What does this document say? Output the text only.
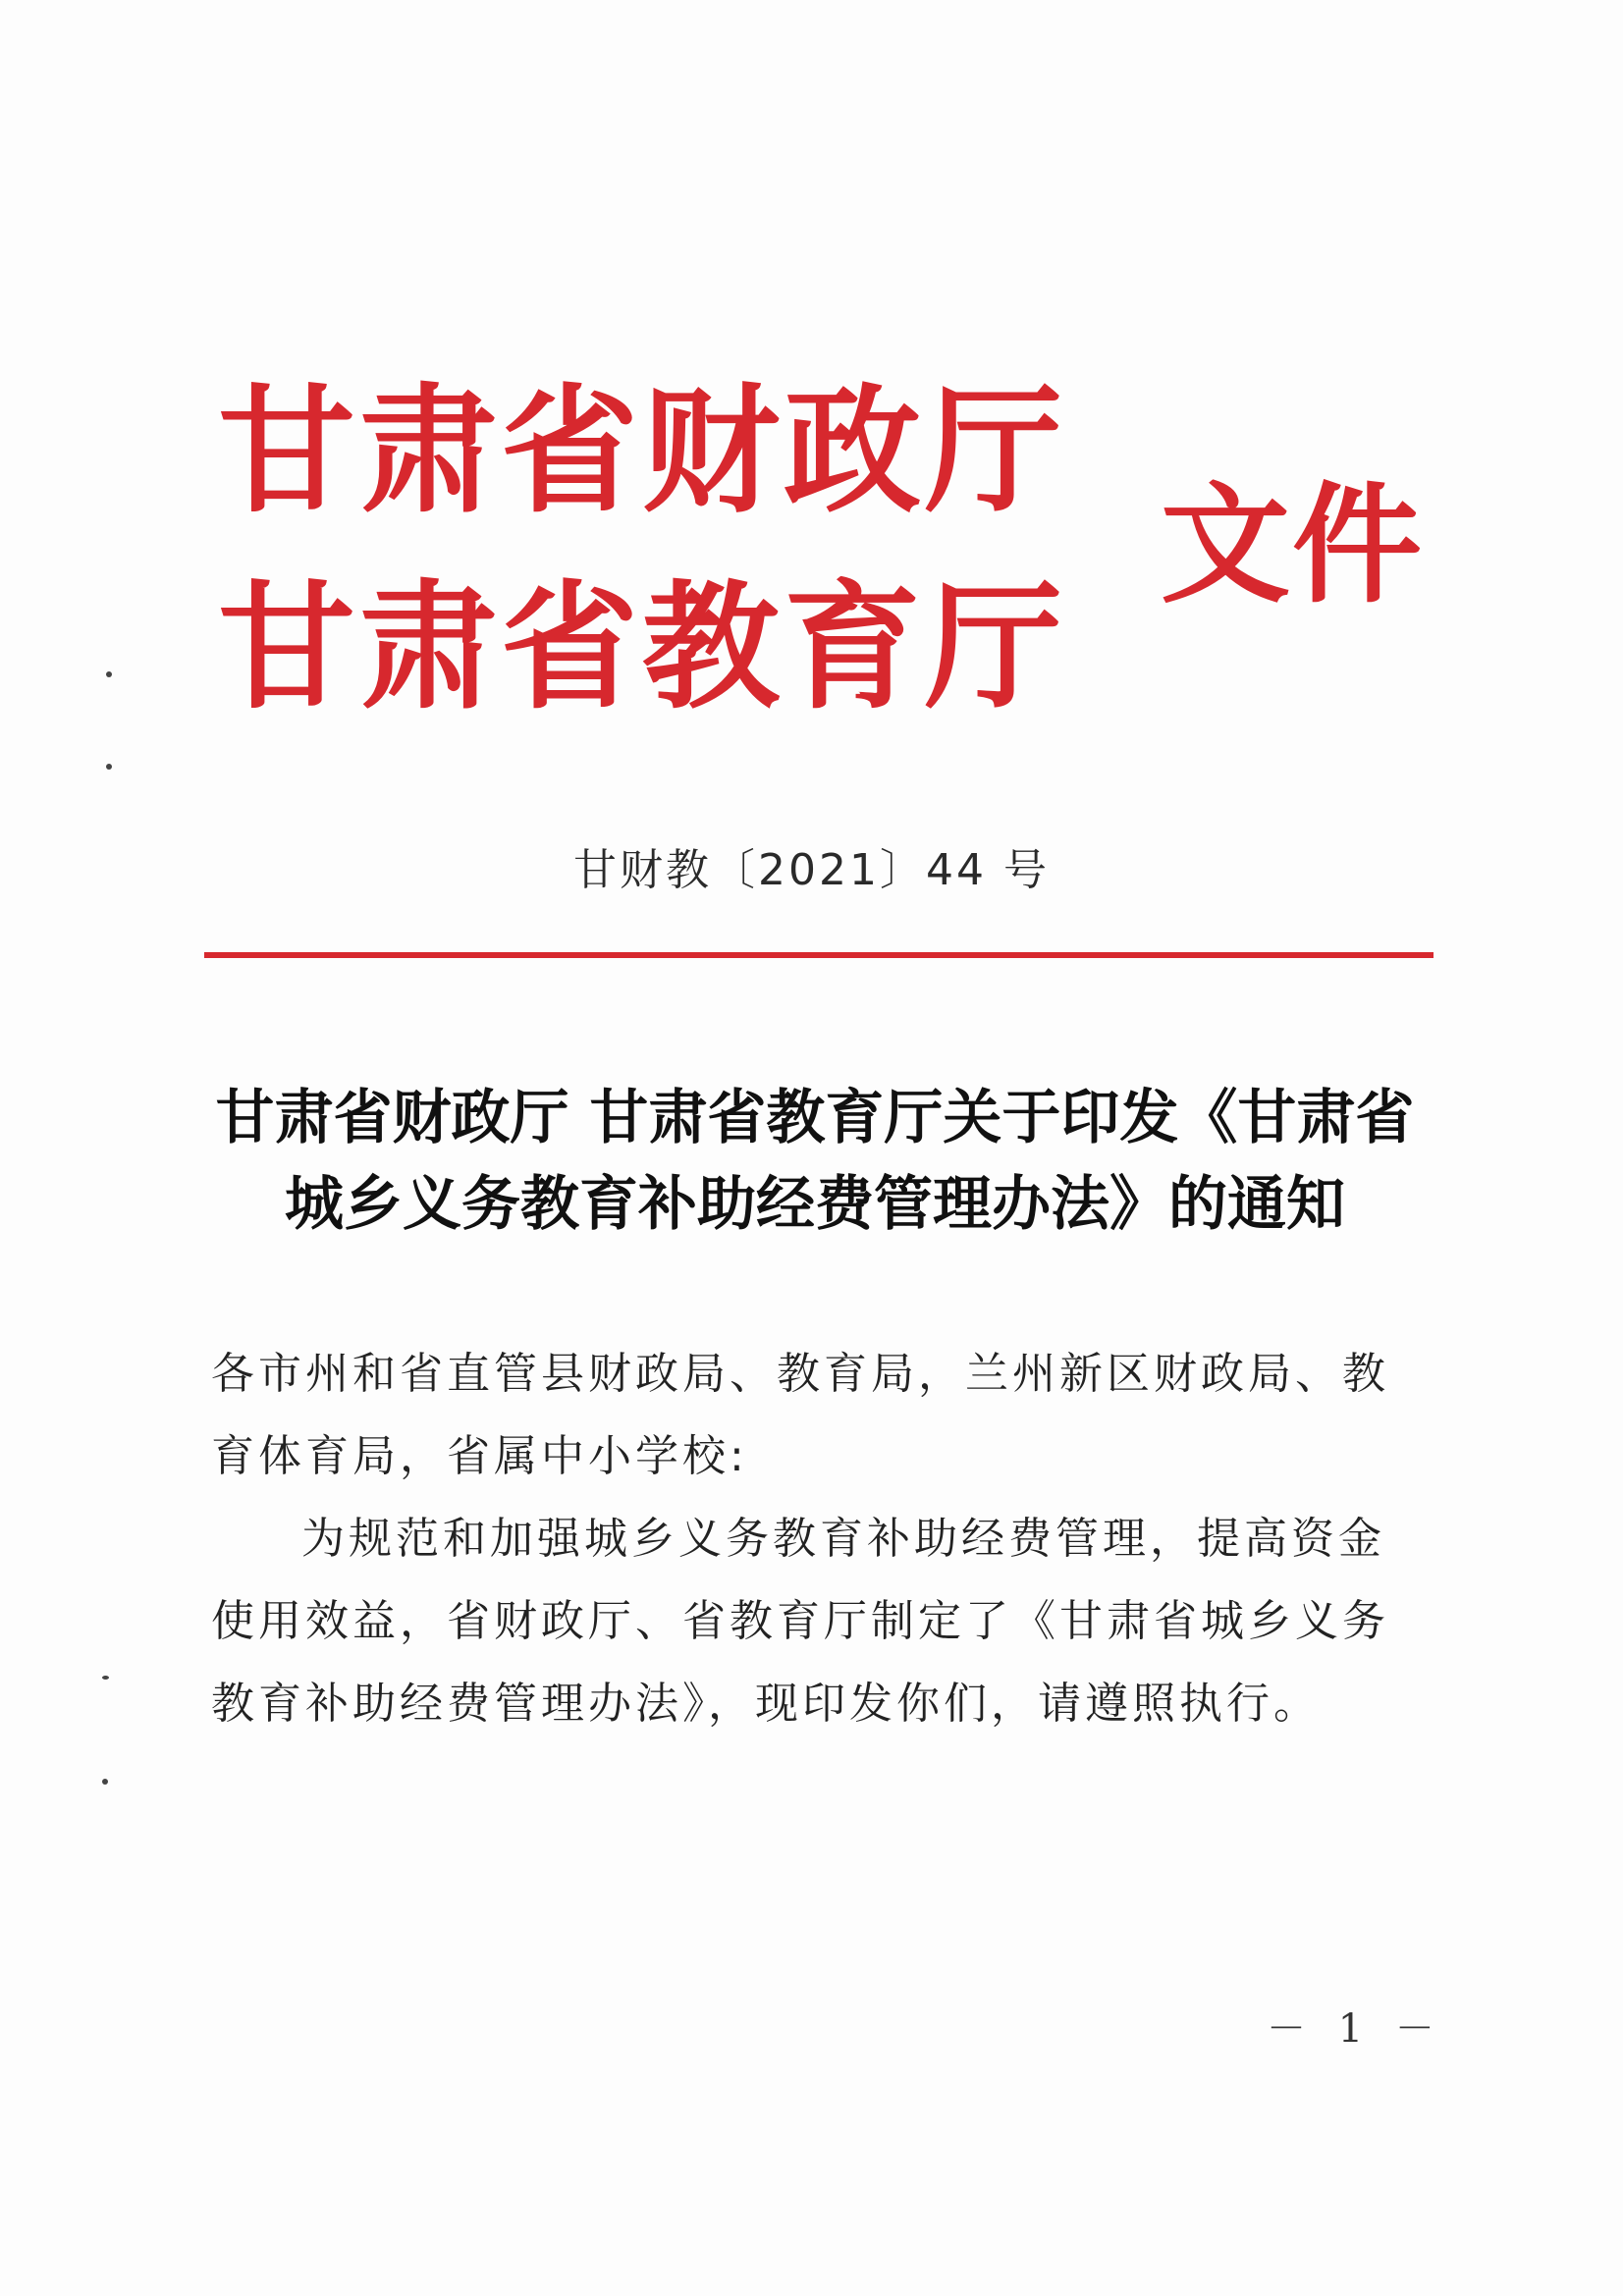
甘肃省财政厅
甘肃省教育厅
文件
甘财教〔2021〕44 号
甘肃省财政厅 甘肃省教育厅关于印发《甘肃省
城乡义务教育补助经费管理办法》的通知

各市州和省直管县财政局、教育局，兰州新区财政局、教育体育局，省属中小学校:

为规范和加强城乡义务教育补助经费管理，提高资金使用效益，省财政厅、省教育厅制定了《甘肃省城乡义务教育补助经费管理办法》，现印发你们，请遵照执行。

－ 1 －
